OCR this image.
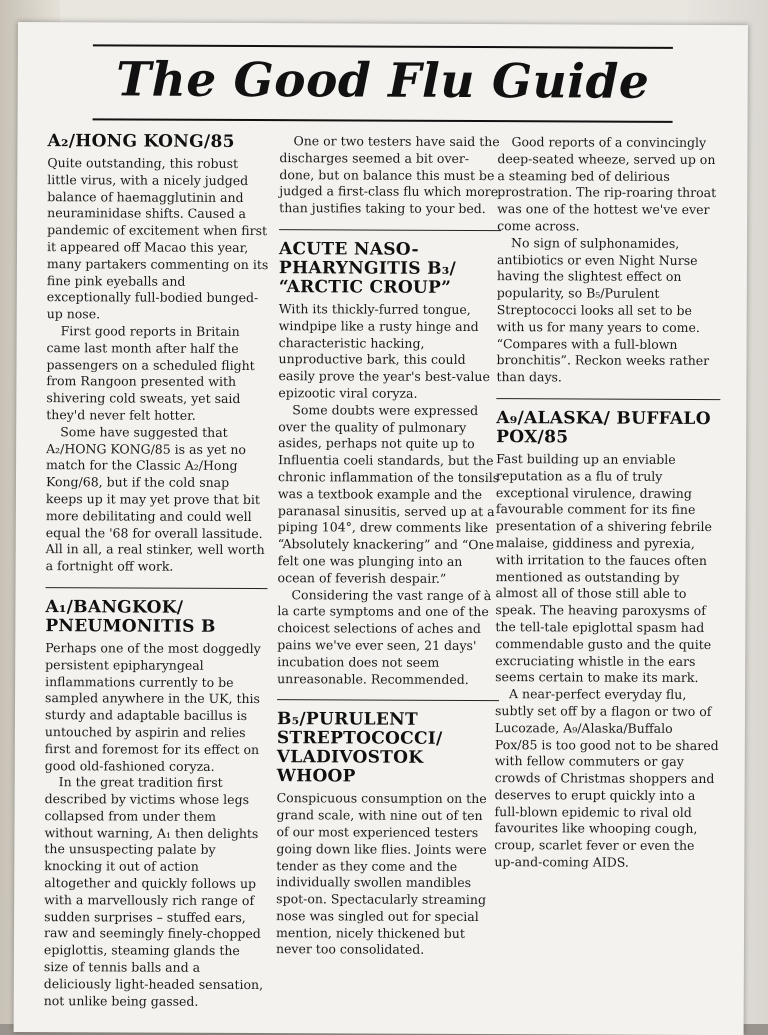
The Good Flu Guide
A₂/HONG KONG/85

Quite outstanding, this robust little virus, with a nicely judged balance of haemagglutinin and neuraminidase shifts. Caused a pandemic of excitement when first it appeared off Macao this year, many partakers commenting on its fine pink eyeballs and exceptionally full-bodied bunged-up nose.

First good reports in Britain came last month after half the passengers on a scheduled flight from Rangoon presented with shivering cold sweats, yet said they'd never felt hotter.

Some have suggested that A₂/HONG KONG/85 is as yet no match for the Classic A₂/Hong Kong/68, but if the cold snap keeps up it may yet prove that bit more debilitating and could well equal the '68 for overall lassitude. All in all, a real stinker, well worth a fortnight off work.

A₁/BANGKOK/ PNEUMONITIS B

Perhaps one of the most doggedly persistent epipharyngeal inflammations currently to be sampled anywhere in the UK, this sturdy and adaptable bacillus is untouched by aspirin and relies first and foremost for its effect on good old-fashioned coryza.

In the great tradition first described by victims whose legs collapsed from under them without warning, A₁ then delights the unsuspecting palate by knocking it out of action altogether and quickly follows up with a marvellously rich range of sudden surprises – stuffed ears, raw and seemingly finely-chopped epiglottis, steaming glands the size of tennis balls and a deliciously light-headed sensation, not unlike being gassed.

One or two testers have said the discharges seemed a bit over-done, but on balance this must be judged a first-class flu which more than justifies taking to your bed.

ACUTE NASO-PHARYNGITIS B₃/ “ARCTIC CROUP”

With its thickly-furred tongue, windpipe like a rusty hinge and characteristic hacking, unproductive bark, this could easily prove the year's best-value epizootic viral coryza.

Some doubts were expressed over the quality of pulmonary asides, perhaps not quite up to Influentia coeli standards, but the chronic inflammation of the tonsils was a textbook example and the paranasal sinusitis, served up at a piping 104°, drew comments like “Absolutely knackering” and “One felt one was plunging into an ocean of feverish despair.”

Considering the vast range of à la carte symptoms and one of the choicest selections of aches and pains we've ever seen, 21 days' incubation does not seem unreasonable. Recommended.

B₅/PURULENT STREPTOCOCCI/ VLADIVOSTOK WHOOP

Conspicuous consumption on the grand scale, with nine out of ten of our most experienced testers going down like flies. Joints were tender as they come and the individually swollen mandibles spot-on. Spectacularly streaming nose was singled out for special mention, nicely thickened but never too consolidated.

Good reports of a convincingly deep-seated wheeze, served up on a steaming bed of delirious prostration. The rip-roaring throat was one of the hottest we've ever come across.

No sign of sulphonamides, antibiotics or even Night Nurse having the slightest effect on popularity, so B₅/Purulent Streptococci looks all set to be with us for many years to come. “Compares with a full-blown bronchitis”. Reckon weeks rather than days.

A₉/ALASKA/ BUFFALO POX/85

Fast building up an enviable reputation as a flu of truly exceptional virulence, drawing favourable comment for its fine presentation of a shivering febrile malaise, giddiness and pyrexia, with irritation to the fauces often mentioned as outstanding by almost all of those still able to speak. The heaving paroxysms of the tell-tale epiglottal spasm had commendable gusto and the quite excruciating whistle in the ears seems certain to make its mark.

A near-perfect everyday flu, subtly set off by a flagon or two of Lucozade, A₉/Alaska/Buffalo Pox/85 is too good not to be shared with fellow commuters or gay crowds of Christmas shoppers and deserves to erupt quickly into a full-blown epidemic to rival old favourites like whooping cough, croup, scarlet fever or even the up-and-coming AIDS.
